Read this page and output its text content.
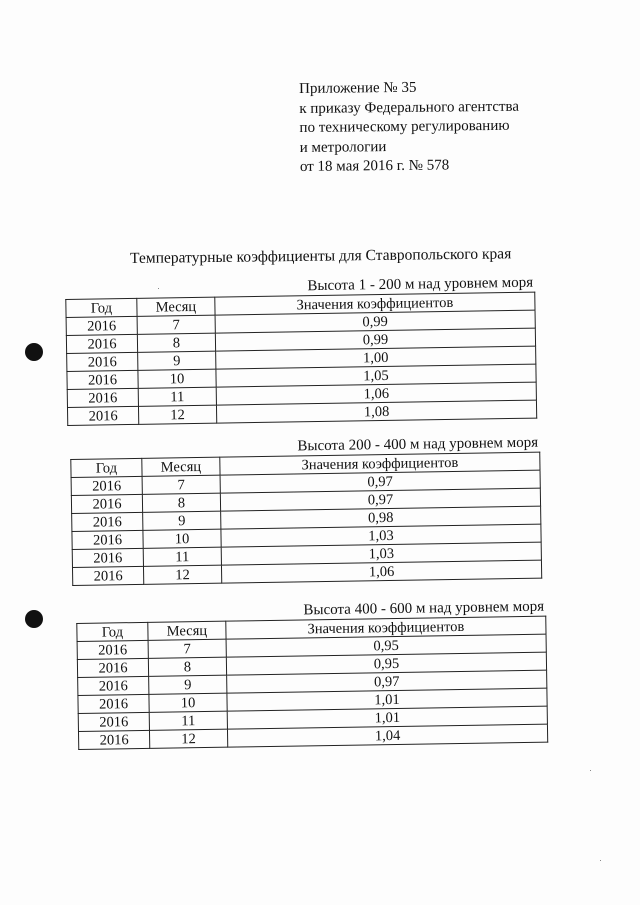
Приложение № 35
к приказу Федерального агентства
по техническому регулированию
и метрологии
от 18 мая 2016 г. № 578
Температурные коэффициенты для Ставропольского края
Высота 1 - 200 м над уровнем моря
Год	Месяц	Значения коэффициентов
2016	7	0,99
2016	8	0,99
2016	9	1,00
2016	10	1,05
2016	11	1,06
2016	12	1,08
Высота 200 - 400 м над уровнем моря
Год	Месяц	Значения коэффициентов
2016	7	0,97
2016	8	0,97
2016	9	0,98
2016	10	1,03
2016	11	1,03
2016	12	1,06
Высота 400 - 600 м над уровнем моря
Год	Месяц	Значения коэффициентов
2016	7	0,95
2016	8	0,95
2016	9	0,97
2016	10	1,01
2016	11	1,01
2016	12	1,04
